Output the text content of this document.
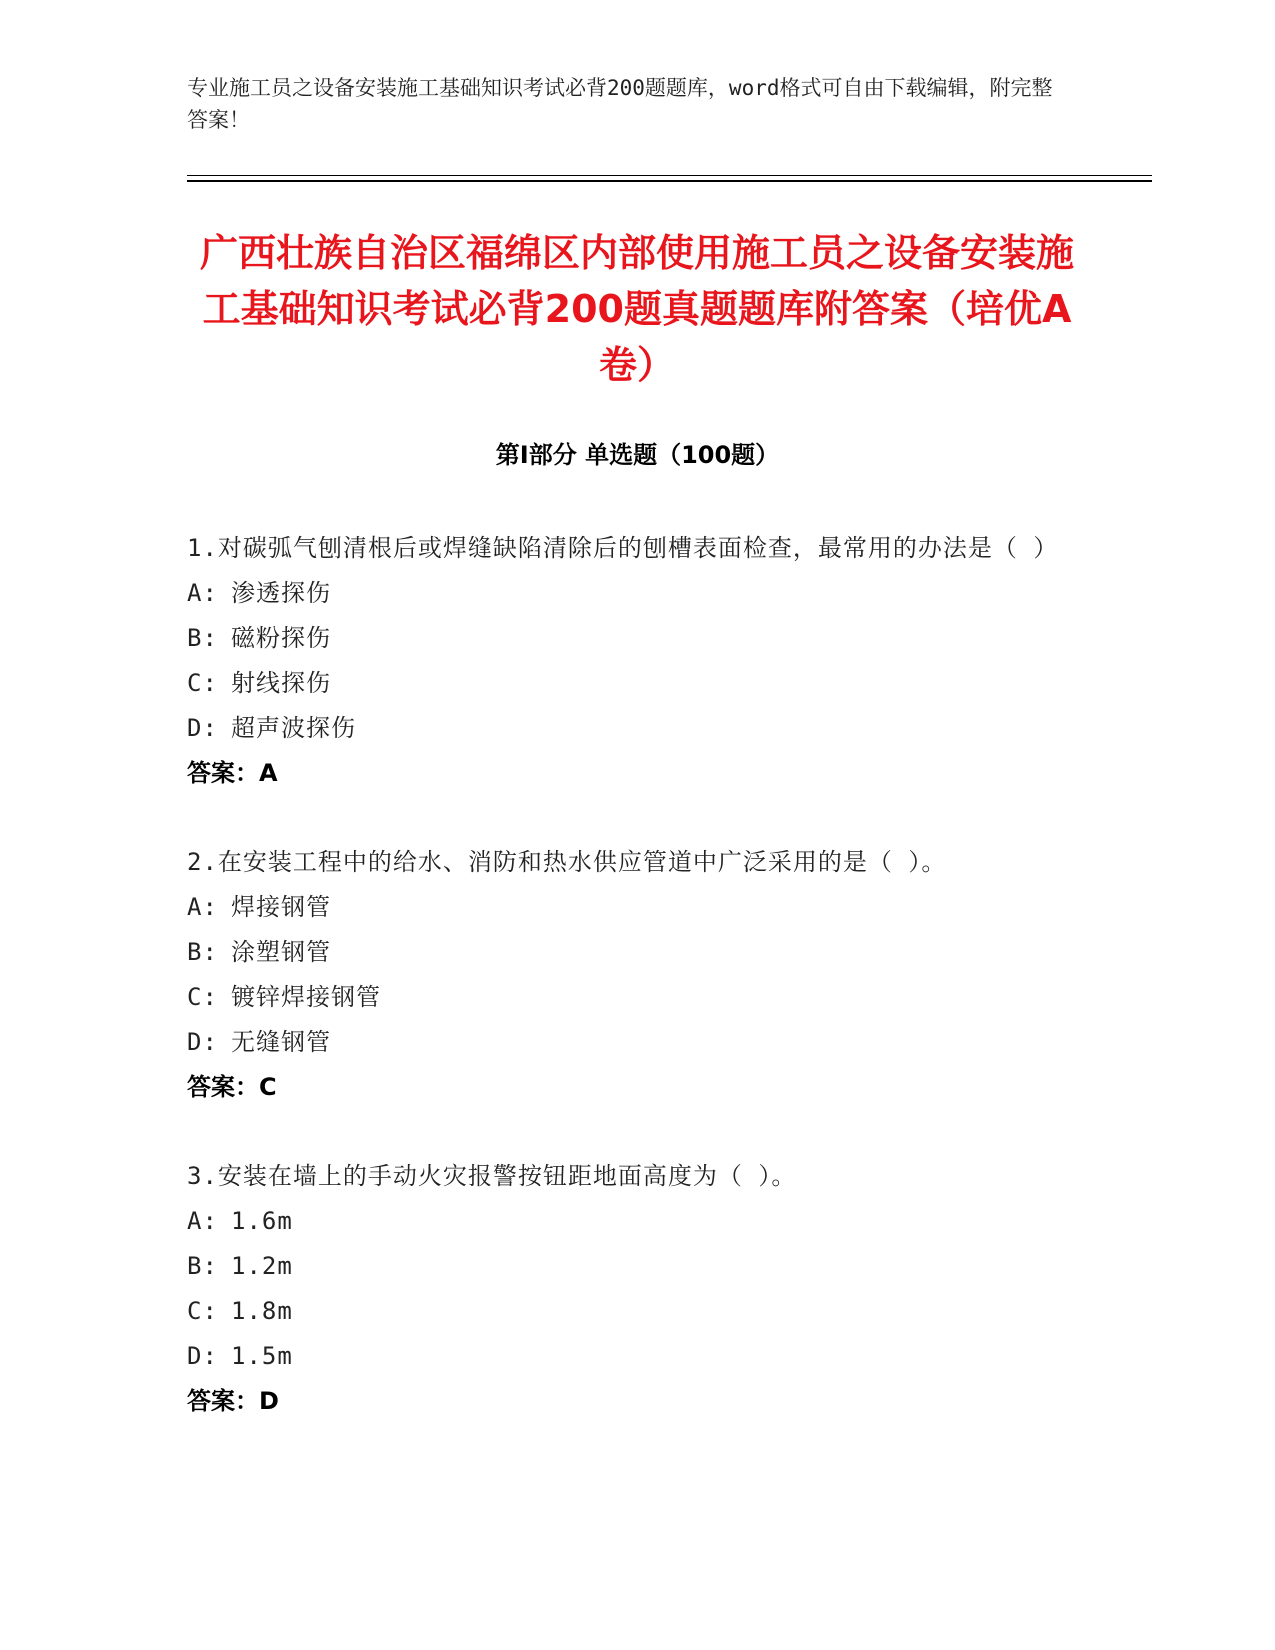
专业施工员之设备安装施工基础知识考试必背200题题库，word格式可自由下载编辑，附完整答案！
广西壮族自治区福绵区内部使用施工员之设备安装施工基础知识考试必背200题真题题库附答案（培优A卷）
第Ⅰ部分 单选题（100题）
1.对碳弧气刨清根后或焊缝缺陷清除后的刨槽表面检查，最常用的办法是（ ）
A: 渗透探伤
B: 磁粉探伤
C: 射线探伤
D: 超声波探伤
答案：A
2.在安装工程中的给水、消防和热水供应管道中广泛采用的是（ ）。
A: 焊接钢管
B: 涂塑钢管
C: 镀锌焊接钢管
D: 无缝钢管
答案：C
3.安装在墙上的手动火灾报警按钮距地面高度为（ ）。
A: 1.6m
B: 1.2m
C: 1.8m
D: 1.5m
答案：D
